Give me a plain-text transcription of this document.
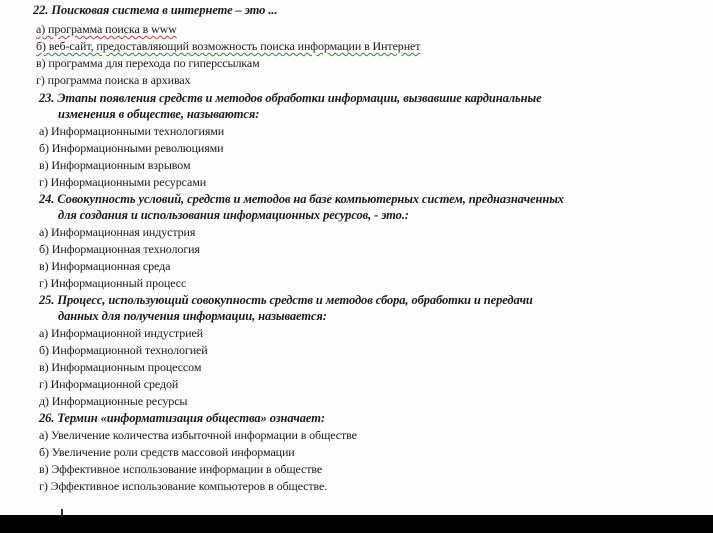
22. Поисковая система в интернете – это ...
а) программа поиска в www
б) веб-сайт, предоставляющий возможность поиска информации в Интернет
в) программа для перехода по гиперссылкам
г) программа поиска в архивах
23. Этапы появления средств и методов обработки информации, вызвавшие кардинальные
изменения в обществе, называются:
а) Информационными технологиями
б) Информационными революциями
в) Информационным взрывом
г) Информационными ресурсами
24. Совокупность условий, средств и методов на базе компьютерных систем, предназначенных
для создания и использования информационных ресурсов, - это.:
а) Информационная индустрия
б) Информационная технология
в) Информационная среда
г) Информационный процесс
25. Процесс, использующий совокупность средств и методов сбора, обработки и передачи
данных для получения информации, называется:
а) Информационной индустрией
б) Информационной технологией
в) Информационным процессом
г) Информационной средой
д) Информационные ресурсы
26. Термин «информатизация общества» означает:
а) Увеличение количества избыточной информации в обществе
б) Увеличение роли средств массовой информации
в) Эффективное использование информации в обществе
г) Эффективное использование компьютеров в обществе.
